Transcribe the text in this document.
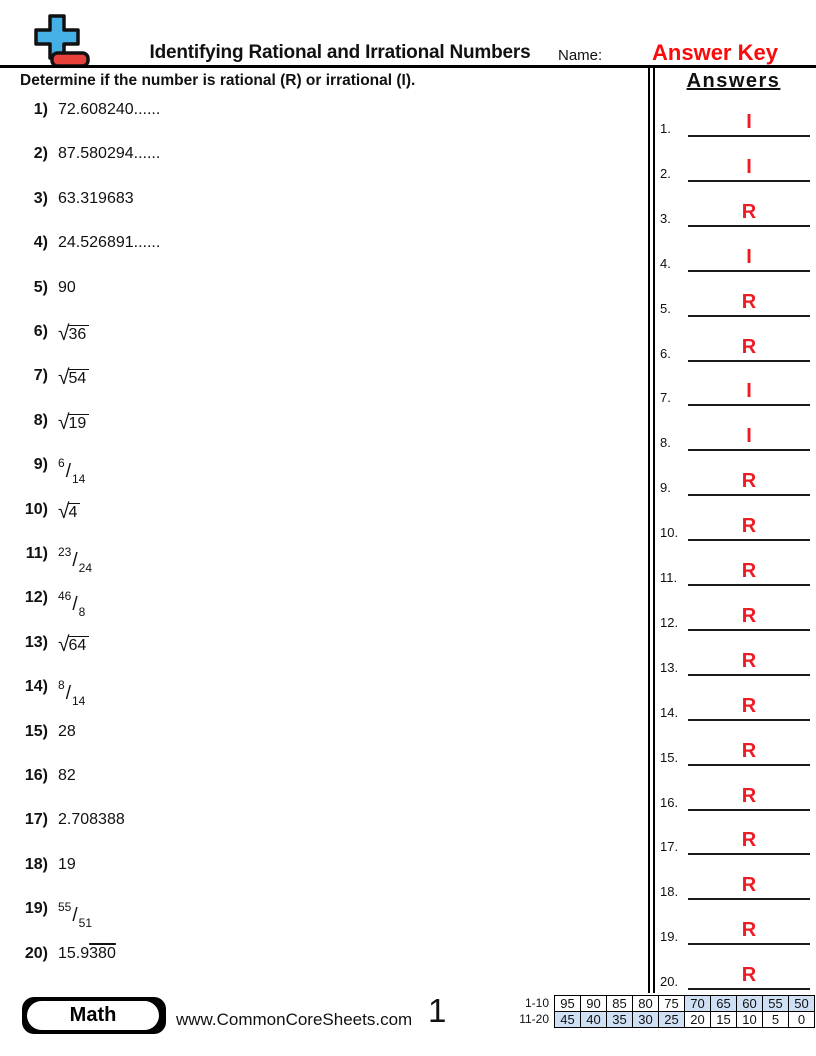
Identifying Rational and Irrational Numbers	Name:	Answer Key
Determine if the number is rational (R) or irrational (I).
1) 72.608240......
2) 87.580294......
3) 63.319683
4) 24.526891......
5) 90
6) √36
7) √54
8) √19
9) $^6/_{14}$
10) √4
11) $^{23}/_{24}$
12) $^{46}/_8$
13) √64
14) $^8/_{14}$
15) 28
16) 82
17) 2.708388
18) 19
19) $^{55}/_{51}$
20) 15.9380
Answers
1.	I
2.	I
3.	R
4.	I
5.	R
6.	R
7.	I
8.	I
9.	R
10.	R
11.	R
12.	R
13.	R
14.	R
15.	R
16.	R
17.	R
18.	R
19.	R
20.	R
Math	www.CommonCoreSheets.com 1	1-10	95	90	85	80	75	70	65	60	55	50
11-20	45	40	35	30	25	20	15	10	5	0
